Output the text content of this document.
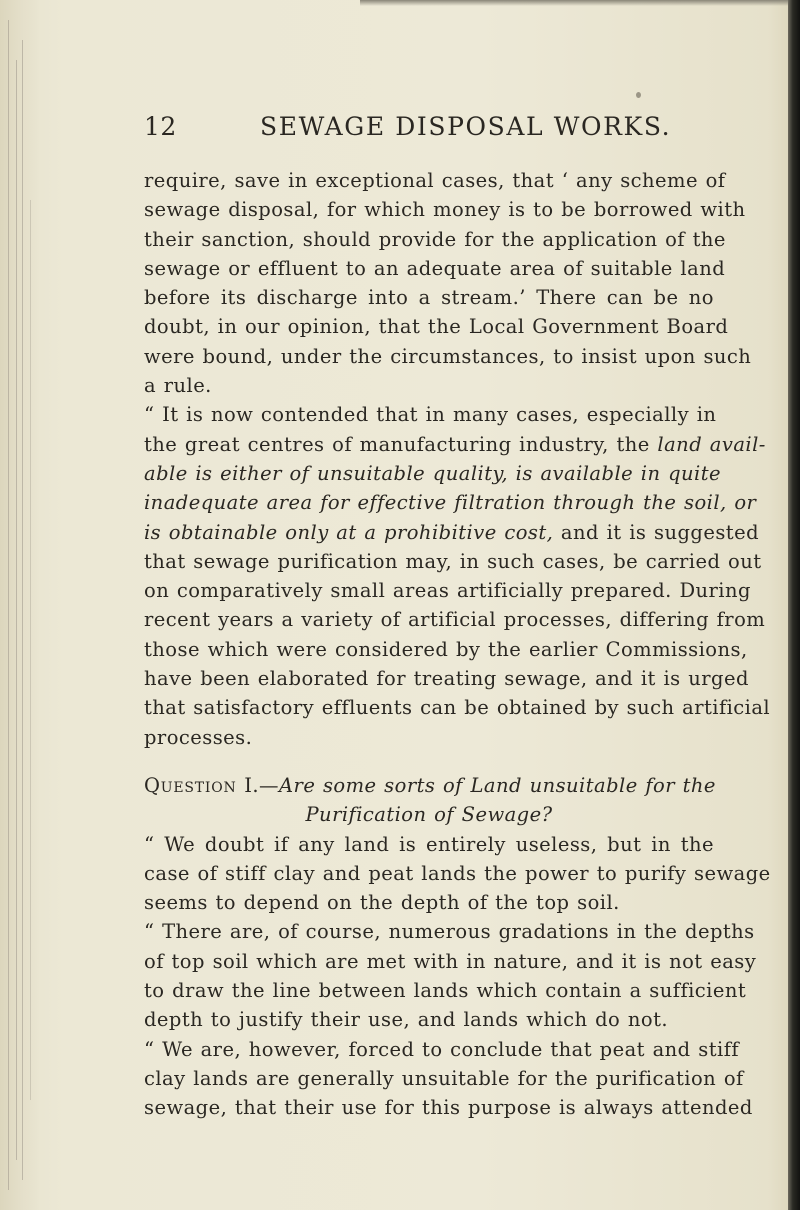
12	SEWAGE DISPOSAL WORKS.
require, save in exceptional cases, that ‘ any scheme of
sewage disposal, for which money is to be borrowed with
their sanction, should provide for the application of the
sewage or effluent to an adequate area of suitable land
before its discharge into a stream.’ There can be no
doubt, in our opinion, that the Local Government Board
were bound, under the circumstances, to insist upon such
a rule.
“ It is now contended that in many cases, especially in
the great centres of manufacturing industry, the land avail-
able is either of unsuitable quality, is available in quite
inadequate area for effective filtration through the soil, or
is obtainable only at a prohibitive cost, and it is suggested
that sewage purification may, in such cases, be carried out
on comparatively small areas artificially prepared. During
recent years a variety of artificial processes, differing from
those which were considered by the earlier Commissions,
have been elaborated for treating sewage, and it is urged
that satisfactory effluents can be obtained by such artificial
processes.
Question I.—Are some sorts of Land unsuitable for the
Purification of Sewage?
“ We doubt if any land is entirely useless, but in the
case of stiff clay and peat lands the power to purify sewage
seems to depend on the depth of the top soil.
“ There are, of course, numerous gradations in the depths
of top soil which are met with in nature, and it is not easy
to draw the line between lands which contain a sufficient
depth to justify their use, and lands which do not.
“ We are, however, forced to conclude that peat and stiff
clay lands are generally unsuitable for the purification of
sewage, that their use for this purpose is always attended
